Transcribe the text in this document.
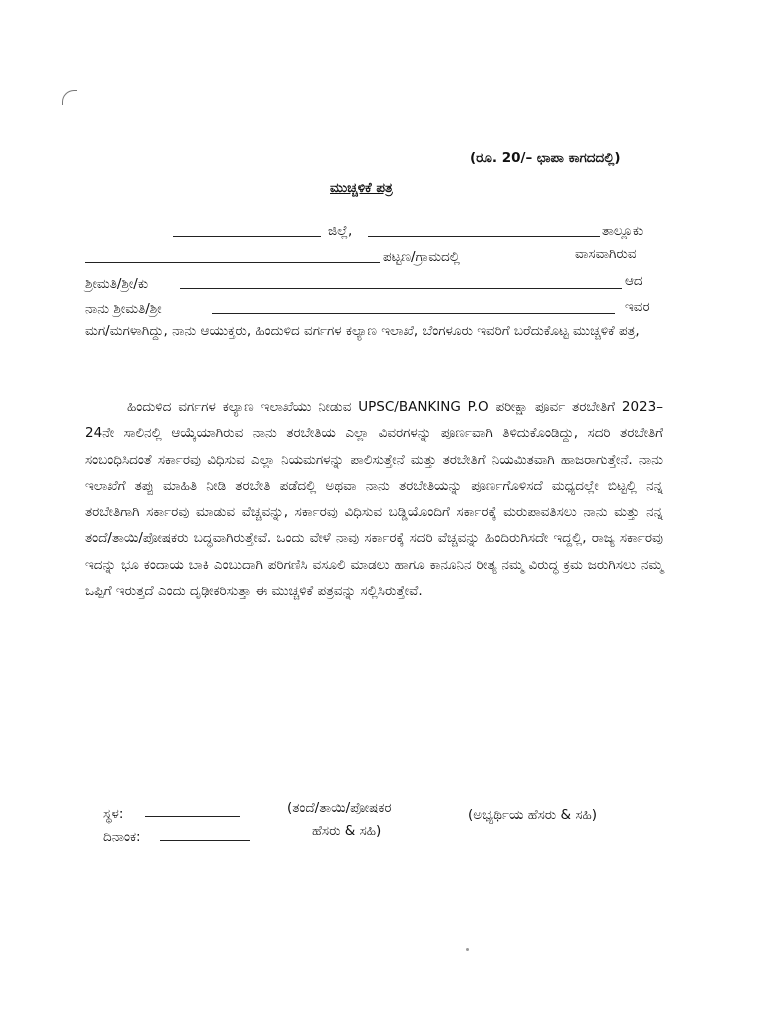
(ರೂ. 20/– ಛಾಪಾ ಕಾಗದದಲ್ಲಿ)
ಮುಚ್ಚಳಿಕೆ ಪತ್ರ
ಜಿಲ್ಲೆ,	ತಾಲ್ಲೂಕು
ಪಟ್ಟಣ/ಗ್ರಾಮದಲ್ಲಿ	ವಾಸವಾಗಿರುವ
ಶ್ರೀಮತಿ/ಶ್ರೀ/ಕು	ಆದ
ನಾನು ಶ್ರೀಮತಿ/ಶ್ರೀ	ಇವರ
ಮಗ/ಮಗಳಾಗಿದ್ದು, ನಾನು ಆಯುಕ್ತರು, ಹಿಂದುಳಿದ ವರ್ಗಗಳ ಕಲ್ಯಾಣ ಇಲಾಖೆ, ಬೆಂಗಳೂರು ಇವರಿಗೆ ಬರೆದುಕೊಟ್ಟ ಮುಚ್ಚಳಿಕೆ ಪತ್ರ,
ಹಿಂದುಳಿದ ವರ್ಗಗಳ ಕಲ್ಯಾಣ ಇಲಾಖೆಯು ನೀಡುವ UPSC/BANKING P.O ಪರೀಕ್ಷಾ ಪೂರ್ವ ತರಬೇತಿಗೆ 2023–24ನೇ ಸಾಲಿನಲ್ಲಿ ಆಯ್ಕೆಯಾಗಿರುವ ನಾನು ತರಬೇತಿಯ ಎಲ್ಲಾ ವಿವರಗಳನ್ನು ಪೂರ್ಣವಾಗಿ ತಿಳಿದುಕೊಂಡಿದ್ದು, ಸದರಿ ತರಬೇತಿಗೆ ಸಂಬಂಧಿಸಿದಂತೆ ಸರ್ಕಾರವು ವಿಧಿಸುವ ಎಲ್ಲಾ ನಿಯಮಗಳನ್ನು ಪಾಲಿಸುತ್ತೇನೆ ಮತ್ತು ತರಬೇತಿಗೆ ನಿಯಮಿತವಾಗಿ ಹಾಜರಾಗುತ್ತೇನೆ. ನಾನು ಇಲಾಖೆಗೆ ತಪ್ಪು ಮಾಹಿತಿ ನೀಡಿ ತರಬೇತಿ ಪಡೆದಲ್ಲಿ ಅಥವಾ ನಾನು ತರಬೇತಿಯನ್ನು ಪೂರ್ಣಗೊಳಿಸದೆ ಮಧ್ಯದಲ್ಲೇ ಬಿಟ್ಟಲ್ಲಿ ನನ್ನ ತರಬೇತಿಗಾಗಿ ಸರ್ಕಾರವು ಮಾಡುವ ವೆಚ್ಚವನ್ನು, ಸರ್ಕಾರವು ವಿಧಿಸುವ ಬಡ್ಡಿಯೊಂದಿಗೆ ಸರ್ಕಾರಕ್ಕೆ ಮರುಪಾವತಿಸಲು ನಾನು ಮತ್ತು ನನ್ನ ತಂದೆ/ತಾಯಿ/ಪೋಷಕರು ಬದ್ಧವಾಗಿರುತ್ತೇವೆ. ಒಂದು ವೇಳೆ ನಾವು ಸರ್ಕಾರಕ್ಕೆ ಸದರಿ ವೆಚ್ಚವನ್ನು ಹಿಂದಿರುಗಿಸದೇ ಇದ್ದಲ್ಲಿ, ರಾಜ್ಯ ಸರ್ಕಾರವು ಇದನ್ನು ಭೂ ಕಂದಾಯ ಬಾಕಿ ಎಂಬುದಾಗಿ ಪರಿಗಣಿಸಿ ವಸೂಲಿ ಮಾಡಲು ಹಾಗೂ ಕಾನೂನಿನ ರೀತ್ಯ ನಮ್ಮ ವಿರುದ್ಧ ಕ್ರಮ ಜರುಗಿಸಲು ನಮ್ಮ ಒಪ್ಪಿಗೆ ಇರುತ್ತದೆ ಎಂದು ದೃಢೀಕರಿಸುತ್ತಾ ಈ ಮುಚ್ಚಳಿಕೆ ಪತ್ರವನ್ನು ಸಲ್ಲಿಸಿರುತ್ತೇವೆ.
ಸ್ಥಳ:
ದಿನಾಂಕ:
(ತಂದೆ/ತಾಯಿ/ಪೋಷಕರ
ಹೆಸರು & ಸಹಿ)
(ಅಭ್ಯರ್ಥಿಯ ಹೆಸರು & ಸಹಿ)
